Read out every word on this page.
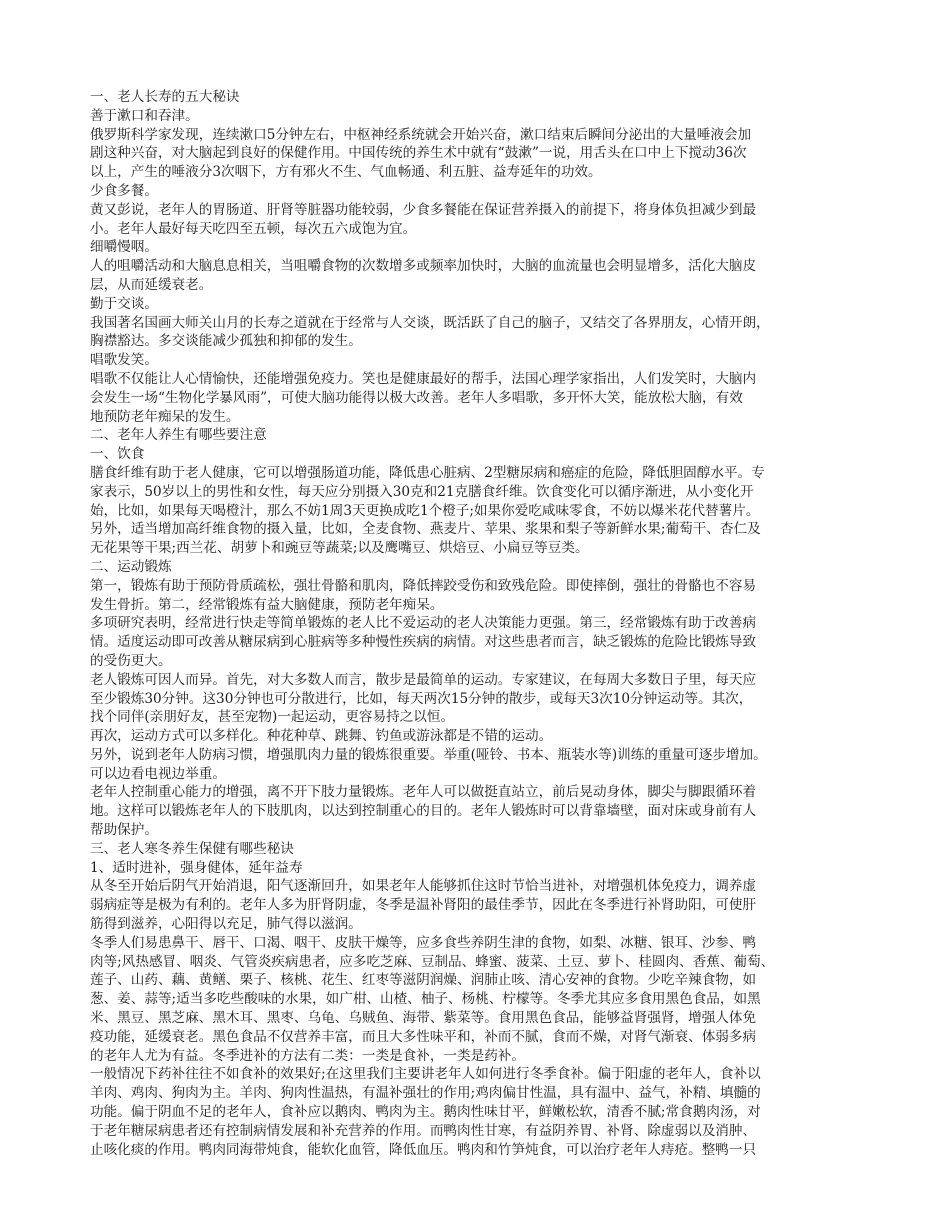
一、老人长寿的五大秘诀
善于漱口和吞津。
俄罗斯科学家发现，连续漱口5分钟左右，中枢神经系统就会开始兴奋，漱口结束后瞬间分泌出的大量唾液会加
剧这种兴奋，对大脑起到良好的保健作用。中国传统的养生术中就有“鼓漱”一说，用舌头在口中上下搅动36次
以上，产生的唾液分3次咽下，方有邪火不生、气血畅通、利五脏、益寿延年的功效。
少食多餐。
黄又彭说，老年人的胃肠道、肝肾等脏器功能较弱，少食多餐能在保证营养摄入的前提下，将身体负担减少到最
小。老年人最好每天吃四至五顿，每次五六成饱为宜。
细嚼慢咽。
人的咀嚼活动和大脑息息相关，当咀嚼食物的次数增多或频率加快时，大脑的血流量也会明显增多，活化大脑皮
层，从而延缓衰老。
勤于交谈。
我国著名国画大师关山月的长寿之道就在于经常与人交谈，既活跃了自己的脑子，又结交了各界朋友，心情开朗，
胸襟豁达。多交谈能减少孤独和抑郁的发生。
唱歌发笑。
唱歌不仅能让人心情愉快，还能增强免疫力。笑也是健康最好的帮手，法国心理学家指出，人们发笑时，大脑内
会发生一场“生物化学暴风雨”，可使大脑功能得以极大改善。老年人多唱歌，多开怀大笑，能放松大脑，有效
地预防老年痴呆的发生。
二、老年人养生有哪些要注意
一、饮食
膳食纤维有助于老人健康，它可以增强肠道功能，降低患心脏病、2型糖尿病和癌症的危险，降低胆固醇水平。专
家表示，50岁以上的男性和女性，每天应分别摄入30克和21克膳食纤维。饮食变化可以循序渐进，从小变化开
始，比如，如果每天喝橙汁，那么不妨1周3天更换成吃1个橙子;如果你爱吃咸味零食，不妨以爆米花代替薯片。
另外，适当增加高纤维食物的摄入量，比如，全麦食物、燕麦片、苹果、浆果和梨子等新鲜水果;葡萄干、杏仁及
无花果等干果;西兰花、胡萝卜和豌豆等蔬菜;以及鹰嘴豆、烘焙豆、小扁豆等豆类。
二、运动锻炼
第一，锻炼有助于预防骨质疏松，强壮骨骼和肌肉，降低摔跤受伤和致残危险。即使摔倒，强壮的骨骼也不容易
发生骨折。第二，经常锻炼有益大脑健康，预防老年痴呆。
多项研究表明，经常进行快走等简单锻炼的老人比不爱运动的老人决策能力更强。第三，经常锻炼有助于改善病
情。适度运动即可改善从糖尿病到心脏病等多种慢性疾病的病情。对这些患者而言，缺乏锻炼的危险比锻炼导致
的受伤更大。
老人锻炼可因人而异。首先，对大多数人而言，散步是最简单的运动。专家建议，在每周大多数日子里，每天应
至少锻炼30分钟。这30分钟也可分散进行，比如，每天两次15分钟的散步，或每天3次10分钟运动等。其次，
找个同伴(亲朋好友，甚至宠物)一起运动，更容易持之以恒。
再次，运动方式可以多样化。种花种草、跳舞、钓鱼或游泳都是不错的运动。
另外，说到老年人防病习惯，增强肌肉力量的锻炼很重要。举重(哑铃、书本、瓶装水等)训练的重量可逐步增加。
可以边看电视边举重。
老年人控制重心能力的增强，离不开下肢力量锻炼。老年人可以做挺直站立，前后晃动身体，脚尖与脚跟循环着
地。这样可以锻炼老年人的下肢肌肉，以达到控制重心的目的。老年人锻炼时可以背靠墙壁，面对床或身前有人
帮助保护。
三、老人寒冬养生保健有哪些秘诀
1、适时进补，强身健体，延年益寿
从冬至开始后阴气开始消退，阳气逐渐回升，如果老年人能够抓住这时节恰当进补，对增强机体免疫力，调养虚
弱病症等是极为有利的。老年人多为肝肾阴虚，冬季是温补肾阳的最佳季节，因此在冬季进行补肾助阳，可使肝
筋得到滋养，心阳得以充足，肺气得以滋润。
冬季人们易患鼻干、唇干、口渴、咽干、皮肤干燥等，应多食些养阴生津的食物，如梨、冰糖、银耳、沙参、鸭
肉等;风热感冒、咽炎、气管炎疾病患者，应多吃芝麻、豆制品、蜂蜜、菠菜、土豆、萝卜、桂圆肉、香蕉、葡萄、
莲子、山药、藕、黄鳝、栗子、核桃、花生、红枣等滋阴润燥、润肺止咳、清心安神的食物。少吃辛辣食物，如
葱、姜、蒜等;适当多吃些酸味的水果，如广柑、山楂、柚子、杨桃、柠檬等。冬季尤其应多食用黑色食品，如黑
米、黑豆、黑芝麻、黑木耳、黑枣、乌龟、乌贼鱼、海带、紫菜等。食用黑色食品，能够益肾强肾，增强人体免
疫功能，延缓衰老。黑色食品不仅营养丰富，而且大多性味平和，补而不腻，食而不燥，对肾气渐衰、体弱多病
的老年人尤为有益。冬季进补的方法有二类：一类是食补，一类是药补。
一般情况下药补往往不如食补的效果好;在这里我们主要讲老年人如何进行冬季食补。偏于阳虚的老年人，食补以
羊肉、鸡肉、狗肉为主。羊肉、狗肉性温热，有温补强壮的作用;鸡肉偏甘性温，具有温中、益气，补精、填髓的
功能。偏于阴血不足的老年人，食补应以鹅肉、鸭肉为主。鹅肉性味甘平，鲜嫩松软，清香不腻;常食鹅肉汤，对
于老年糖尿病患者还有控制病情发展和补充营养的作用。而鸭肉性甘寒，有益阴养胃、补肾、除虚弱以及消肿、
止咳化痰的作用。鸭肉同海带炖食，能软化血管，降低血压。鸭肉和竹笋炖食，可以治疗老年人痔疮。整鸭一只
